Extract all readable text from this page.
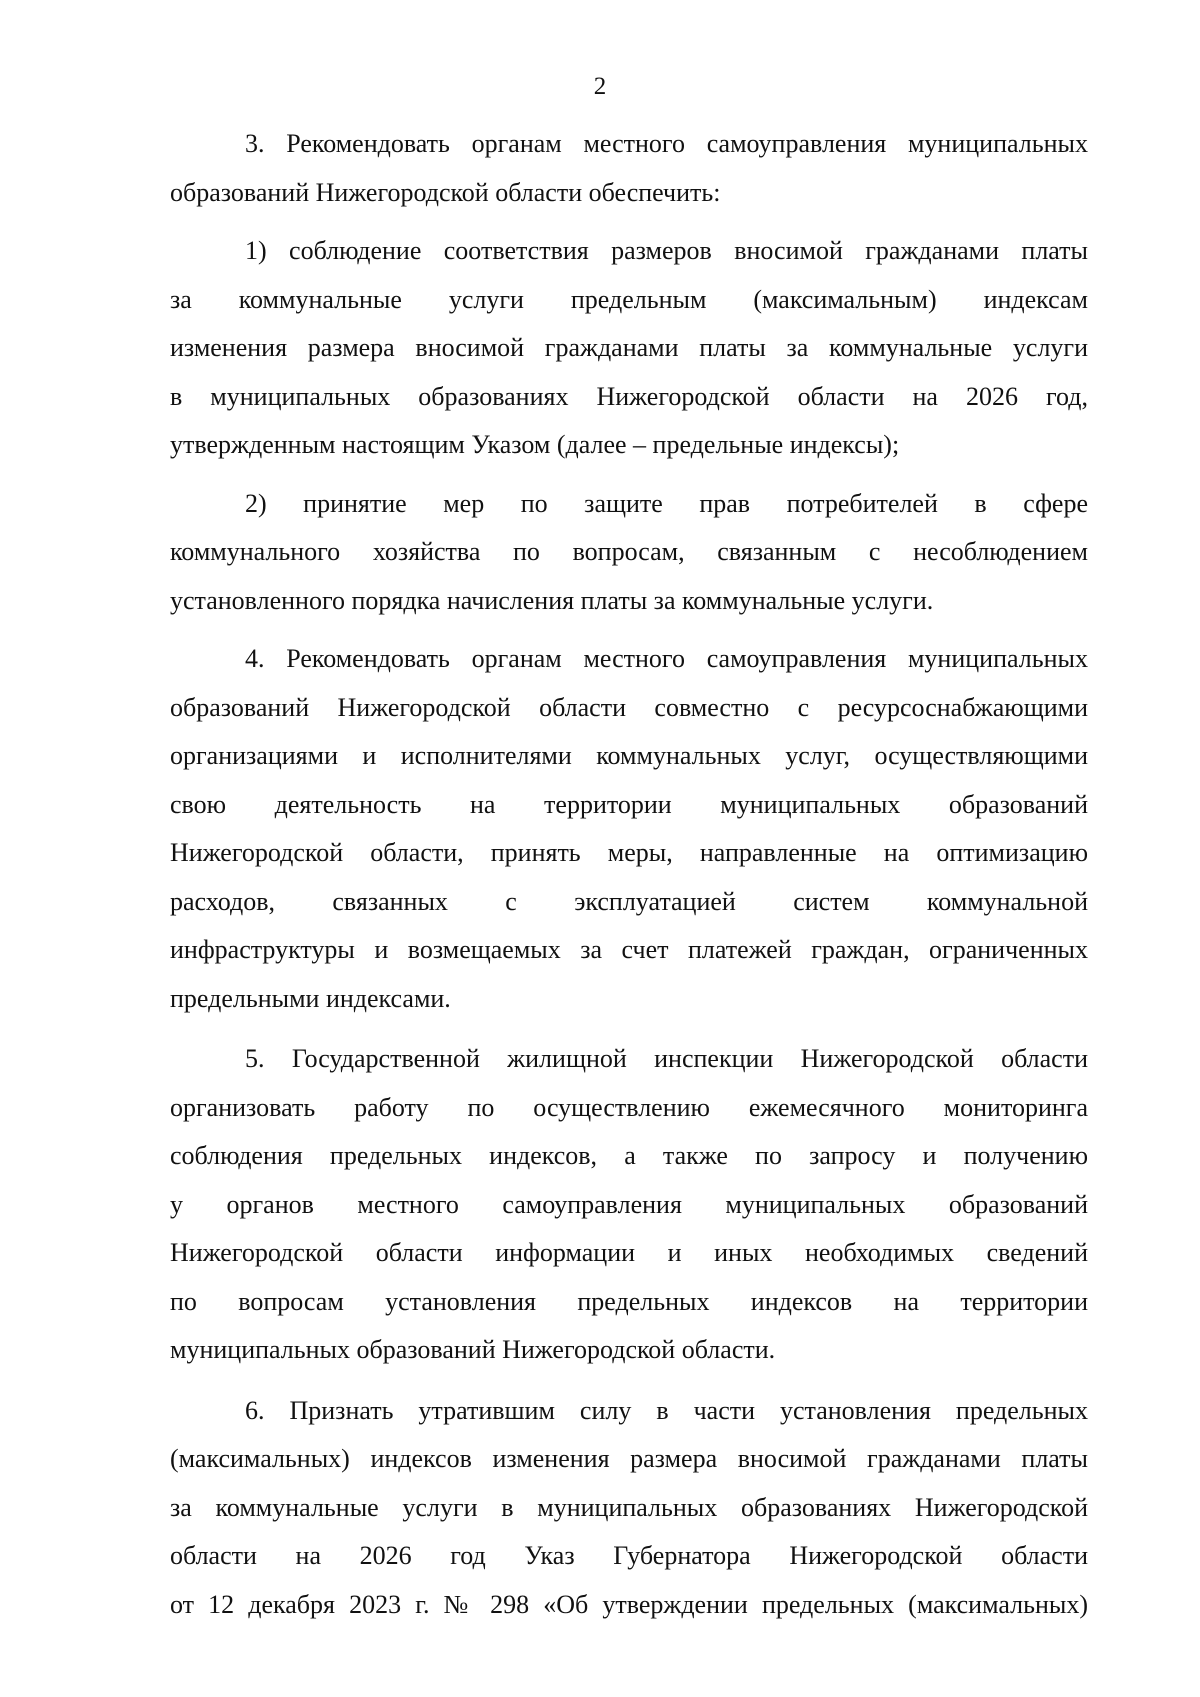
2
3. Рекомендовать органам местного самоуправления муниципальных
образований Нижегородской области обеспечить:
1) соблюдение соответствия размеров вносимой гражданами платы
за коммунальные услуги предельным (максимальным) индексам
изменения размера вносимой гражданами платы за коммунальные услуги
в муниципальных образованиях Нижегородской области на 2026 год,
утвержденным настоящим Указом (далее – предельные индексы);
2) принятие мер по защите прав потребителей в сфере
коммунального хозяйства по вопросам, связанным с несоблюдением
установленного порядка начисления платы за коммунальные услуги.
4. Рекомендовать органам местного самоуправления муниципальных
образований Нижегородской области совместно с ресурсоснабжающими
организациями и исполнителями коммунальных услуг, осуществляющими
свою деятельность на территории муниципальных образований
Нижегородской области, принять меры, направленные на оптимизацию
расходов, связанных с эксплуатацией систем коммунальной
инфраструктуры и возмещаемых за счет платежей граждан, ограниченных
предельными индексами.
5. Государственной жилищной инспекции Нижегородской области
организовать работу по осуществлению ежемесячного мониторинга
соблюдения предельных индексов, а также по запросу и получению
у органов местного самоуправления муниципальных образований
Нижегородской области информации и иных необходимых сведений
по вопросам установления предельных индексов на территории
муниципальных образований Нижегородской области.
6. Признать утратившим силу в части установления предельных
(максимальных) индексов изменения размера вносимой гражданами платы
за коммунальные услуги в муниципальных образованиях Нижегородской
области на 2026 год Указ Губернатора Нижегородской области
от 12 декабря 2023 г. № 298 «Об утверждении предельных (максимальных)
